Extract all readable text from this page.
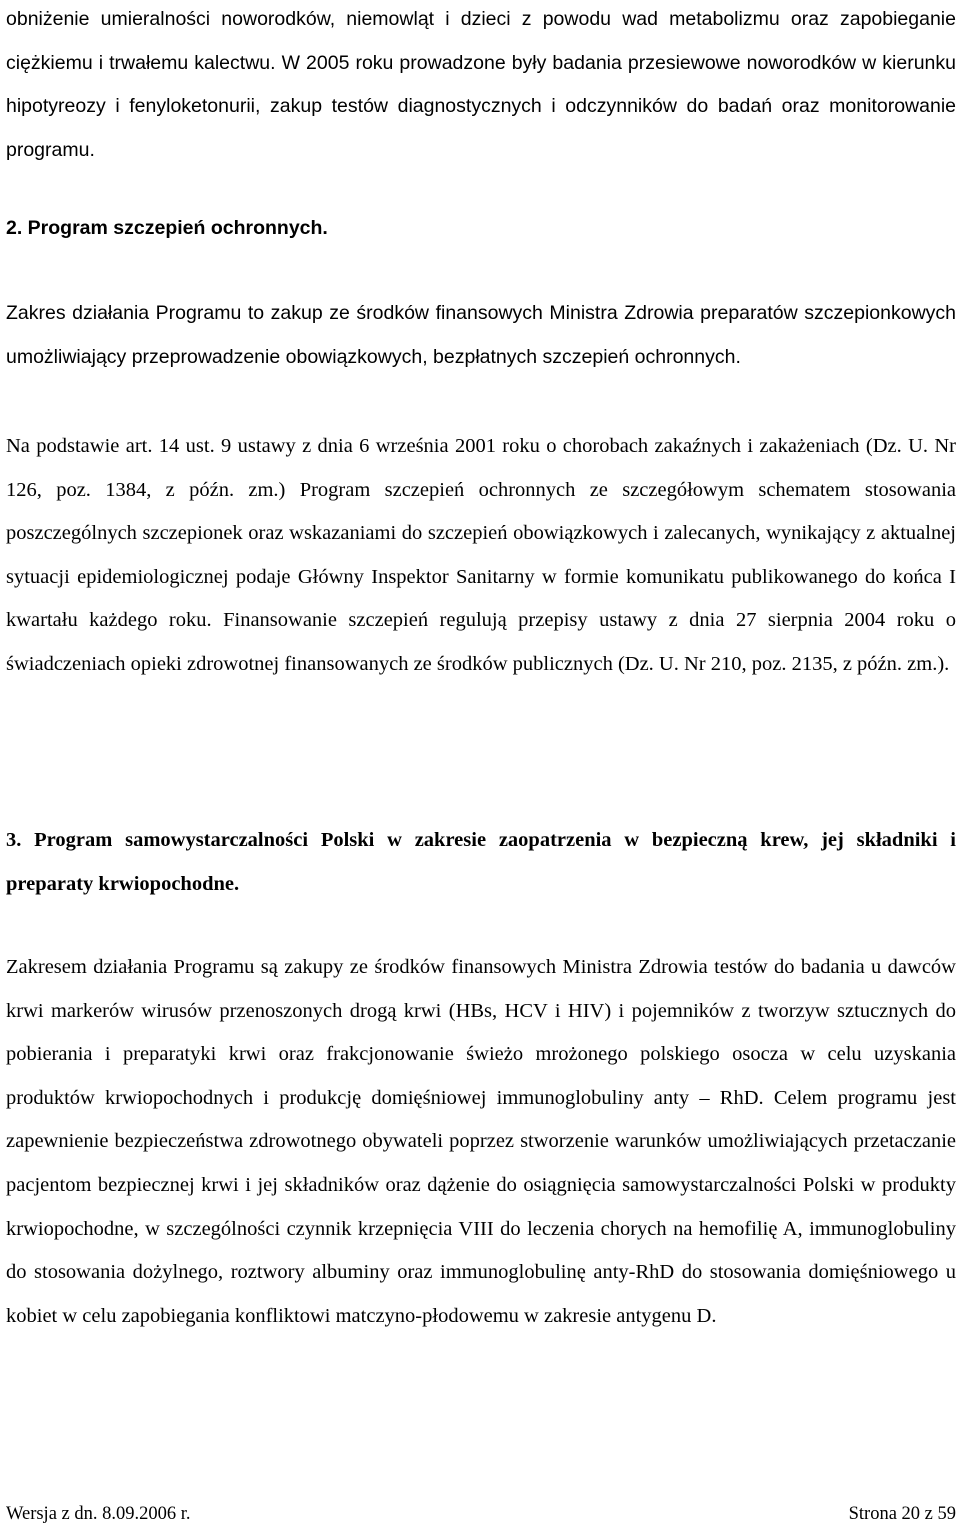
obniżenie umieralności noworodków, niemowląt i dzieci z powodu wad metabolizmu oraz zapobieganie ciężkiemu i trwałemu kalectwu. W 2005 roku prowadzone były badania przesiewowe noworodków w kierunku hipotyreozy i fenyloketonurii, zakup testów diagnostycznych i odczynników do badań oraz monitorowanie programu.

2. Program szczepień ochronnych.

Zakres działania Programu to zakup ze środków finansowych Ministra Zdrowia preparatów szczepionkowych umożliwiający przeprowadzenie obowiązkowych, bezpłatnych szczepień ochronnych.

Na podstawie art. 14 ust. 9 ustawy z dnia 6 września 2001 roku o chorobach zakaźnych i zakażeniach (Dz. U. Nr 126, poz. 1384, z późn. zm.) Program szczepień ochronnych ze szczegółowym schematem stosowania poszczególnych szczepionek oraz wskazaniami do szczepień obowiązkowych i zalecanych, wynikający z aktualnej sytuacji epidemiologicznej podaje Główny Inspektor Sanitarny w formie komunikatu publikowanego do końca I kwartału każdego roku. Finansowanie szczepień regulują przepisy ustawy z dnia 27 sierpnia 2004 roku o świadczeniach opieki zdrowotnej finansowanych ze środków publicznych (Dz. U. Nr 210, poz. 2135, z późn. zm.).

3. Program samowystarczalności Polski w zakresie zaopatrzenia w bezpieczną krew, jej składniki i preparaty krwiopochodne.

Zakresem działania Programu są zakupy ze środków finansowych Ministra Zdrowia testów do badania u dawców krwi markerów wirusów przenoszonych drogą krwi (HBs, HCV i HIV) i pojemników z tworzyw sztucznych do pobierania i preparatyki krwi oraz frakcjonowanie świeżo mrożonego polskiego osocza w celu uzyskania produktów krwiopochodnych i produkcję domięśniowej immunoglobuliny anty – RhD. Celem programu jest zapewnienie bezpieczeństwa zdrowotnego obywateli poprzez stworzenie warunków umożliwiających przetaczanie pacjentom bezpiecznej krwi i jej składników oraz dążenie do osiągnięcia samowystarczalności Polski w produkty krwiopochodne, w szczególności czynnik krzepnięcia VIII do leczenia chorych na hemofilię A, immunoglobuliny do stosowania dożylnego, roztwory albuminy oraz immunoglobulinę anty-RhD do stosowania domięśniowego u kobiet w celu zapobiegania konfliktowi matczyno-płodowemu w zakresie antygenu D.

Wersja z dn. 8.09.2006 r.	Strona 20 z 59
